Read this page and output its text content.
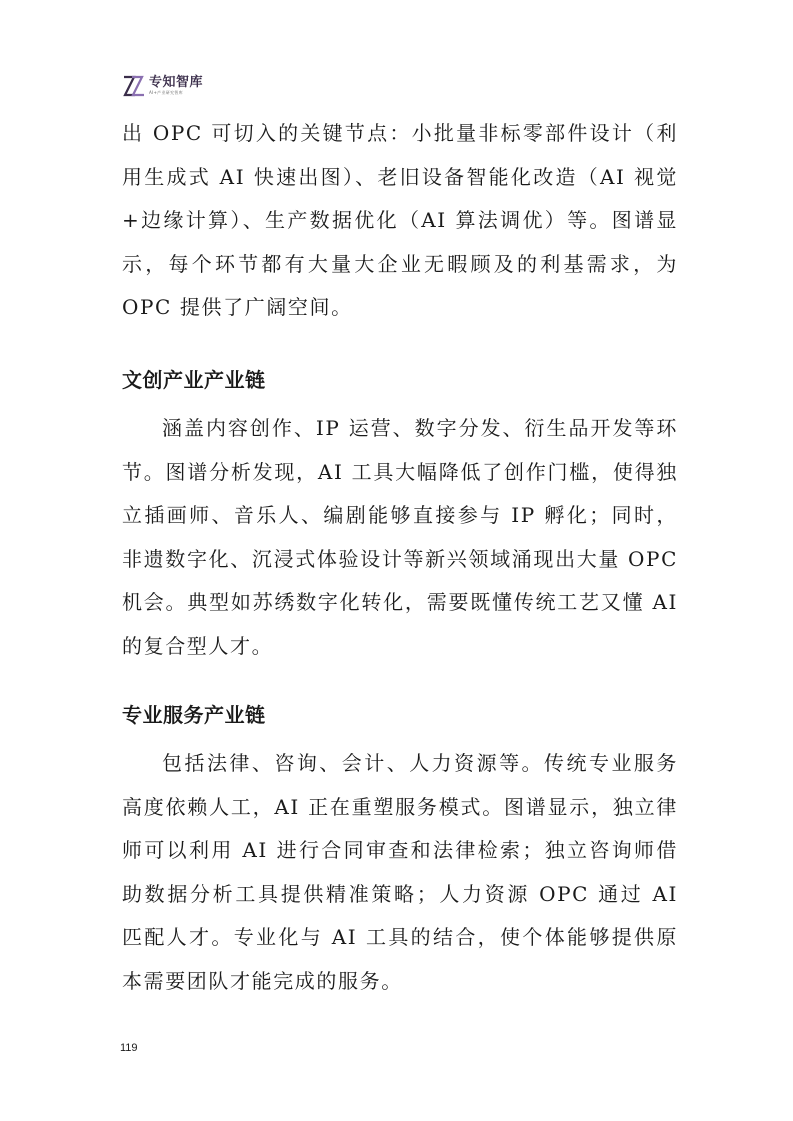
专知智库
AI+产业研究智库

出 OPC 可切入的关键节点：小批量非标零部件设计（利用生成式 AI 快速出图）、老旧设备智能化改造（AI 视觉+边缘计算）、生产数据优化（AI 算法调优）等。图谱显示，每个环节都有大量大企业无暇顾及的利基需求，为 OPC 提供了广阔空间。

文创产业产业链

涵盖内容创作、IP 运营、数字分发、衍生品开发等环节。图谱分析发现，AI 工具大幅降低了创作门槛，使得独立插画师、音乐人、编剧能够直接参与 IP 孵化；同时，非遗数字化、沉浸式体验设计等新兴领域涌现出大量 OPC 机会。典型如苏绣数字化转化，需要既懂传统工艺又懂 AI 的复合型人才。

专业服务产业链

包括法律、咨询、会计、人力资源等。传统专业服务高度依赖人工，AI 正在重塑服务模式。图谱显示，独立律师可以利用 AI 进行合同审查和法律检索；独立咨询师借助数据分析工具提供精准策略；人力资源 OPC 通过 AI 匹配人才。专业化与 AI 工具的结合，使个体能够提供原本需要团队才能完成的服务。

119
